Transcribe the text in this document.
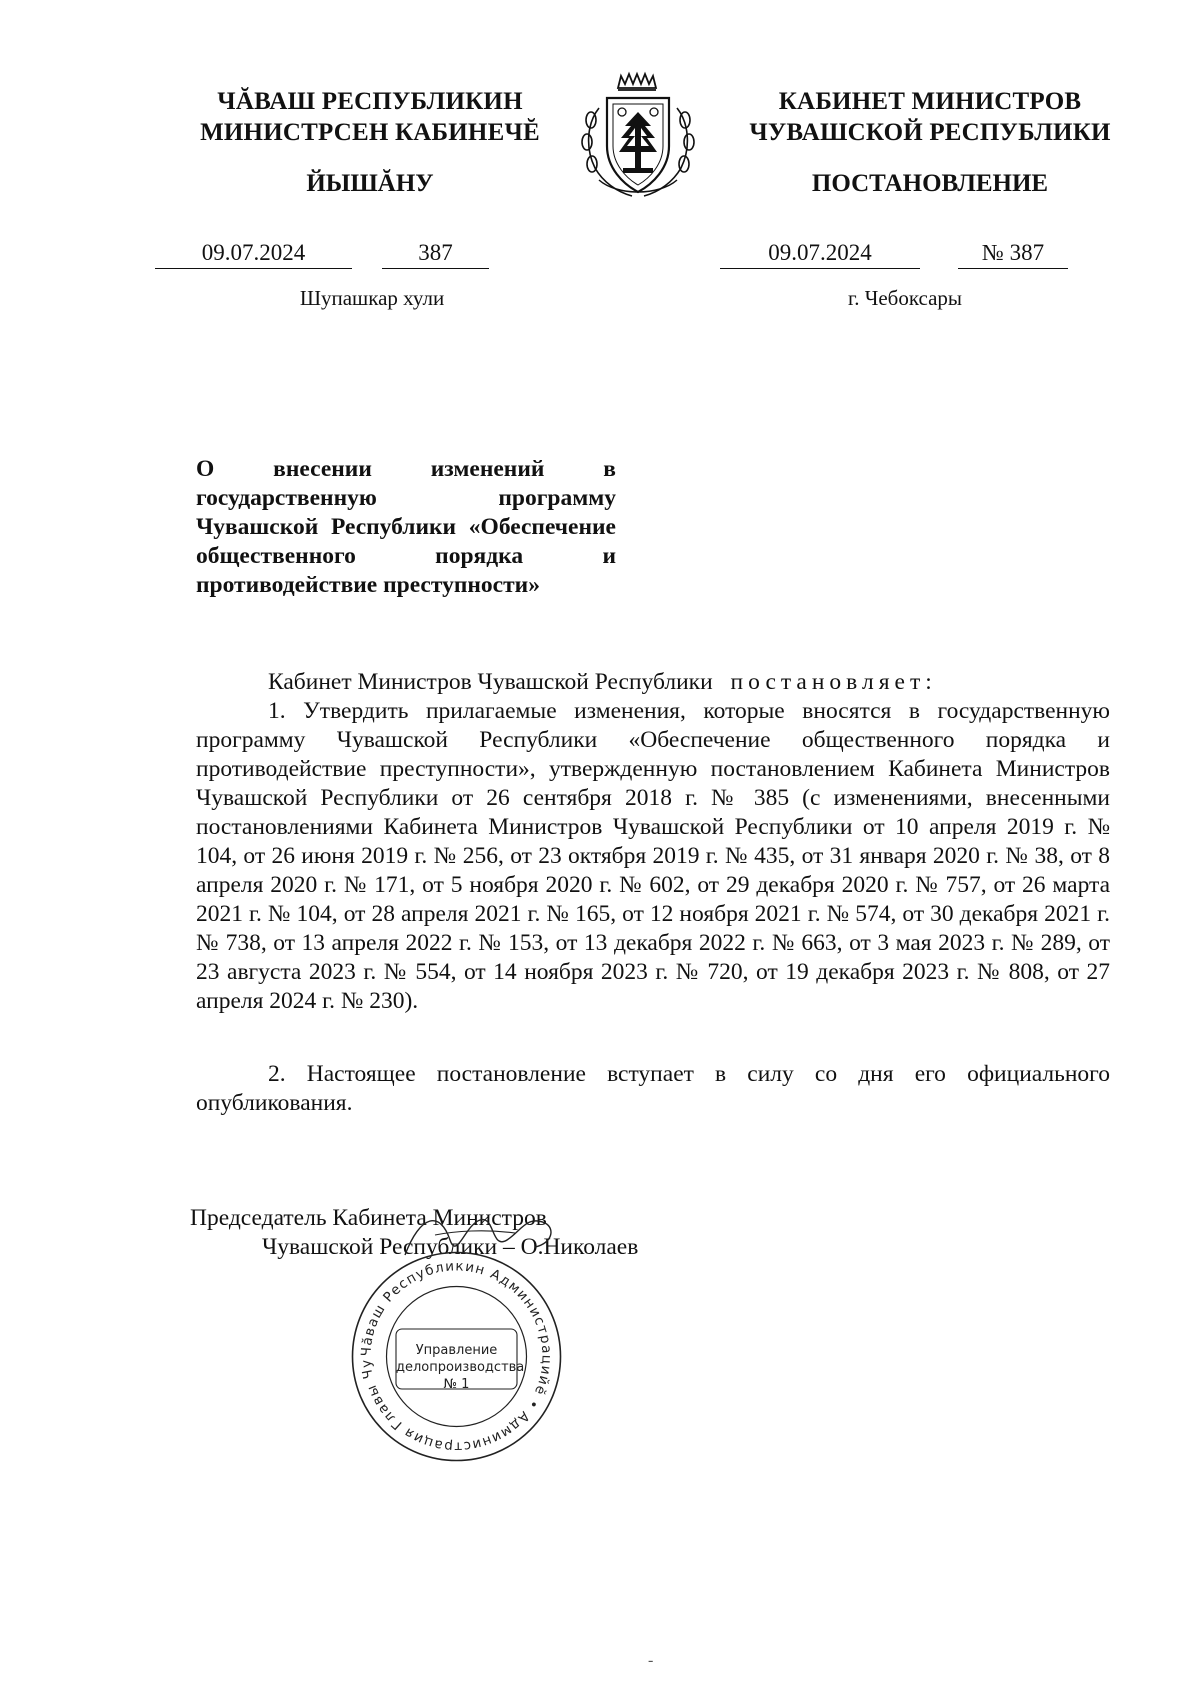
ЧĂВАШ РЕСПУБЛИКИН
МИНИСТРСЕН КАБИНЕЧĔ
ЙЫШĂНУ
09.07.2024	387
Шупашкар хули
КАБИНЕТ МИНИСТРОВ
ЧУВАШСКОЙ РЕСПУБЛИКИ
ПОСТАНОВЛЕНИЕ
09.07.2024	№ 387
г. Чебоксары
О внесении изменений в государственную программу Чувашской Республики «Обеспечение общественного порядка и противодействие преступности»
Кабинет Министров Чувашской Республики постановляет:
1. Утвердить прилагаемые изменения, которые вносятся в государственную программу Чувашской Республики «Обеспечение общественного порядка и противодействие преступности», утвержденную постановлением Кабинета Министров Чувашской Республики от 26 сентября 2018 г. № 385 (с изменениями, внесенными постановлениями Кабинета Министров Чувашской Республики от 10 апреля 2019 г. № 104, от 26 июня 2019 г. № 256, от 23 октября 2019 г. № 435, от 31 января 2020 г. № 38, от 8 апреля 2020 г. № 171, от 5 ноября 2020 г. № 602, от 29 декабря 2020 г. № 757, от 26 марта 2021 г. № 104, от 28 апреля 2021 г. № 165, от 12 ноября 2021 г. № 574, от 30 декабря 2021 г. № 738, от 13 апреля 2022 г. № 153, от 13 декабря 2022 г. № 663, от 3 мая 2023 г. № 289, от 23 августа 2023 г. № 554, от 14 ноября 2023 г. № 720, от 19 декабря 2023 г. № 808, от 27 апреля 2024 г. № 230).
2. Настоящее постановление вступает в силу со дня его официального опубликования.
Председатель Кабинета Министров
Чувашской Республики – О.Николаев
Чăваш Республикин Администрацийĕ • Администрация Главы Чу
Управление
делопроизводства
№ 1
-
